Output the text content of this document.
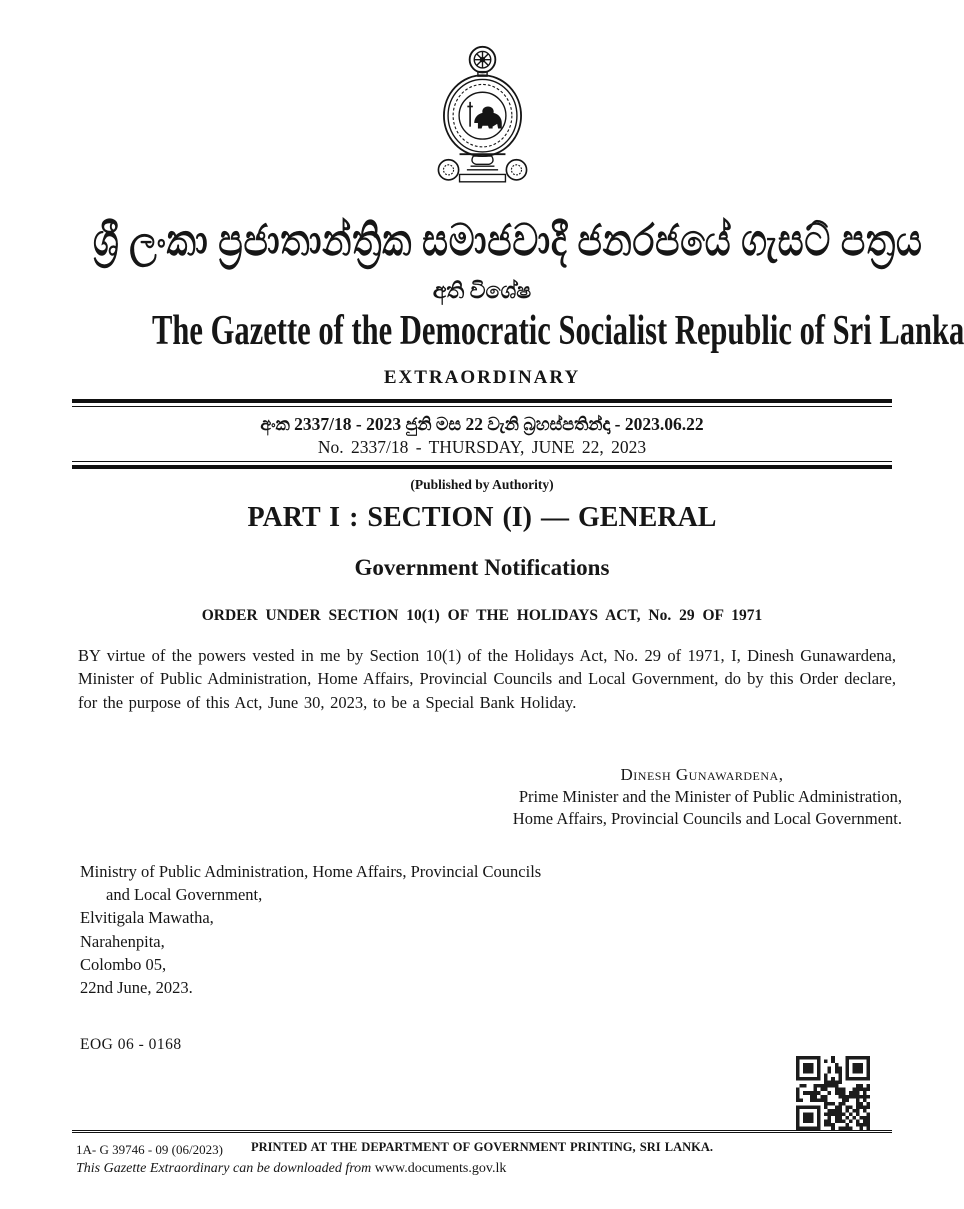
ශ්‍රී ලංකා ප්‍රජාතාන්ත්‍රික සමාජවාදී ජනරජයේ ගැසට් පත්‍රය
අති විශේෂ
The Gazette of the Democratic Socialist Republic of Sri Lanka
EXTRAORDINARY
අංක 2337/18 - 2023 ජුනි මස 22 වැනි බ්‍රහස්පතින්දා - 2023.06.22
No. 2337/18 - THURSDAY, JUNE 22, 2023
(Published by Authority)
PART I : SECTION (I) — GENERAL
Government Notifications
ORDER UNDER SECTION 10(1) OF THE HOLIDAYS ACT, No. 29 OF 1971

BY virtue of the powers vested in me by Section 10(1) of the Holidays Act, No. 29 of 1971, I, Dinesh Gunawardena, Minister of Public Administration, Home Affairs, Provincial Councils and Local Government, do by this Order declare, for the purpose of this Act, June 30, 2023, to be a Special Bank Holiday.

Dinesh Gunawardena,
Prime Minister and the Minister of Public Administration,
Home Affairs, Provincial Councils and Local Government.
Ministry of Public Administration, Home Affairs, Provincial Councils
and Local Government,
Elvitigala Mawatha,
Narahenpita,
Colombo 05,
22nd June, 2023.
EOG 06 - 0168
1A- G 39746 - 09 (06/2023)	PRINTED AT THE DEPARTMENT OF GOVERNMENT PRINTING, SRI LANKA.
This Gazette Extraordinary can be downloaded from www.documents.gov.lk
